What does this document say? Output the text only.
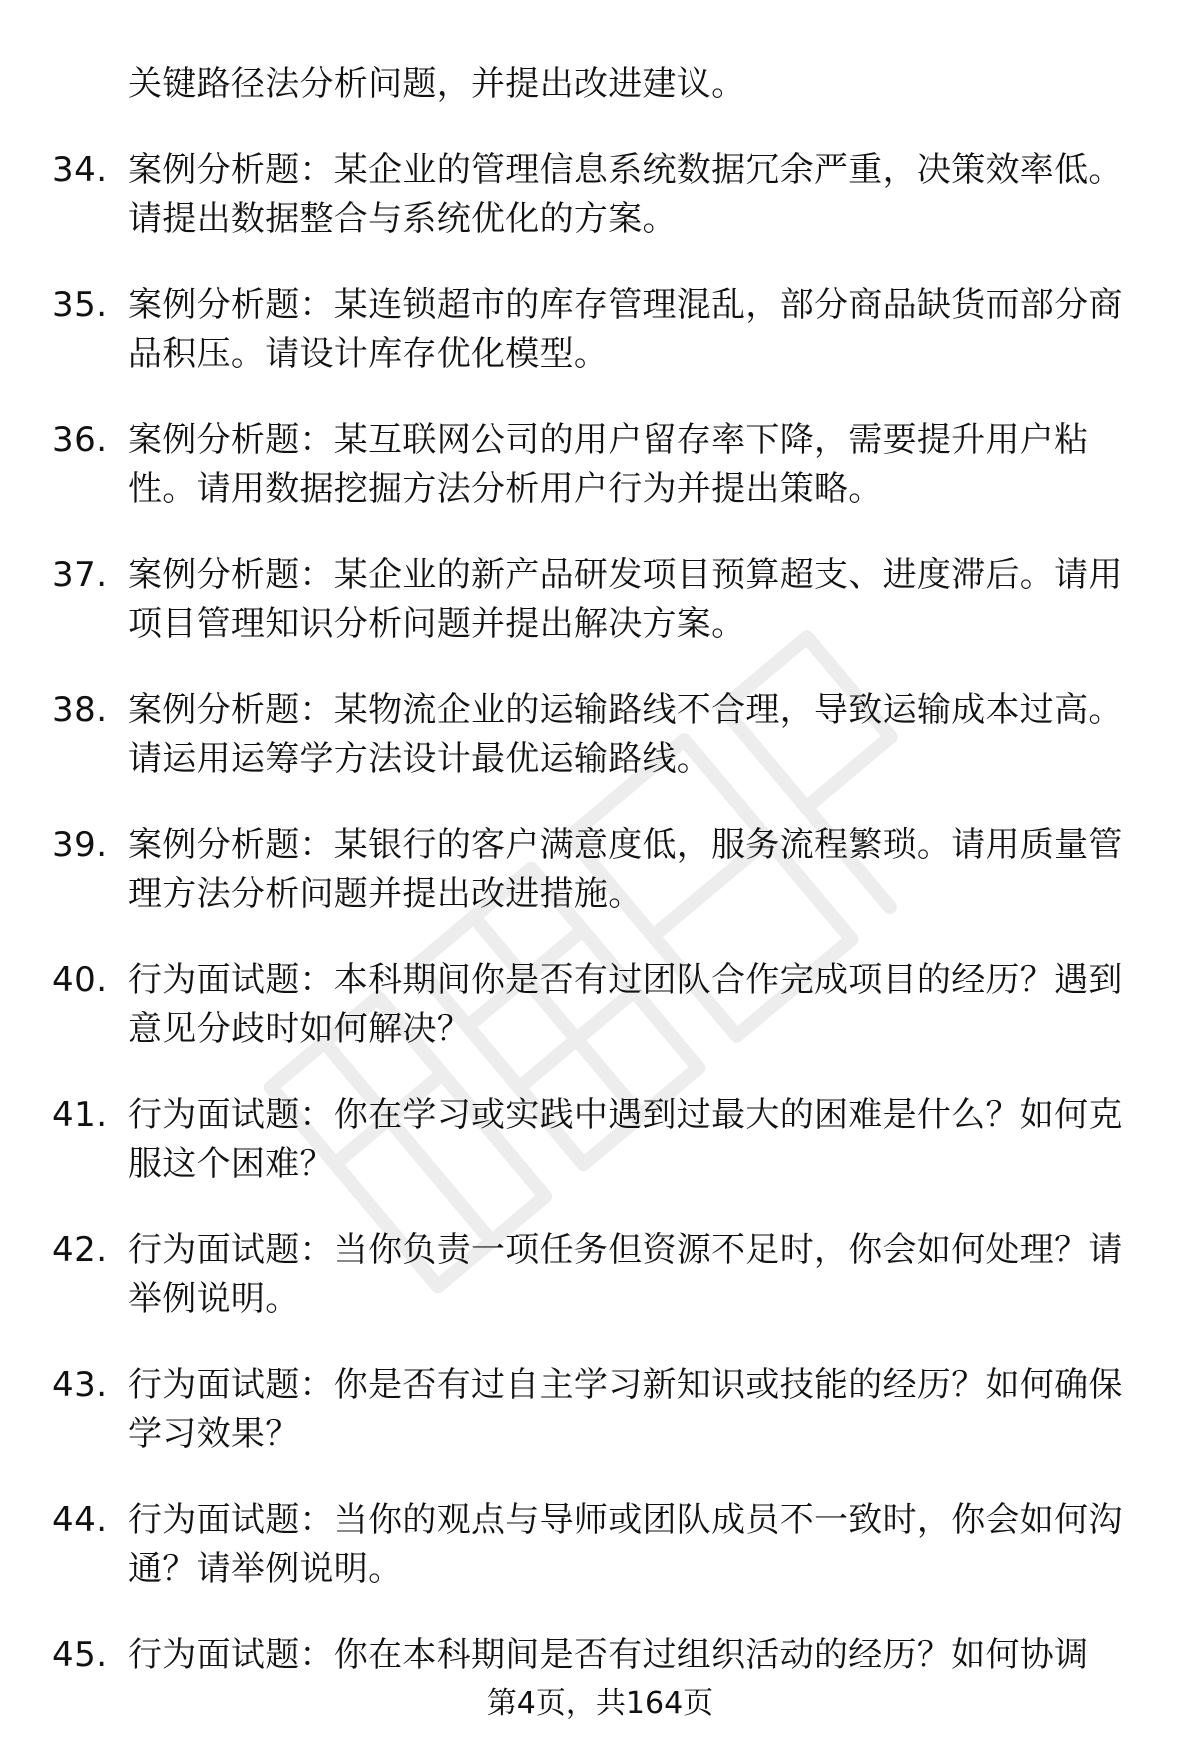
关键路径法分析问题，并提出改进建议。
34. 案例分析题：某企业的管理信息系统数据冗余严重，决策效率低。请提出数据整合与系统优化的方案。
35. 案例分析题：某连锁超市的库存管理混乱，部分商品缺货而部分商品积压。请设计库存优化模型。
36. 案例分析题：某互联网公司的用户留存率下降，需要提升用户粘性。请用数据挖掘方法分析用户行为并提出策略。
37. 案例分析题：某企业的新产品研发项目预算超支、进度滞后。请用项目管理知识分析问题并提出解决方案。
38. 案例分析题：某物流企业的运输路线不合理，导致运输成本过高。请运用运筹学方法设计最优运输路线。
39. 案例分析题：某银行的客户满意度低，服务流程繁琐。请用质量管理方法分析问题并提出改进措施。
40. 行为面试题：本科期间你是否有过团队合作完成项目的经历？遇到意见分歧时如何解决？
41. 行为面试题：你在学习或实践中遇到过最大的困难是什么？如何克服这个困难？
42. 行为面试题：当你负责一项任务但资源不足时，你会如何处理？请举例说明。
43. 行为面试题：你是否有过自主学习新知识或技能的经历？如何确保学习效果？
44. 行为面试题：当你的观点与导师或团队成员不一致时，你会如何沟通？请举例说明。
45. 行为面试题：你在本科期间是否有过组织活动的经历？如何协调
第4页，共164页
